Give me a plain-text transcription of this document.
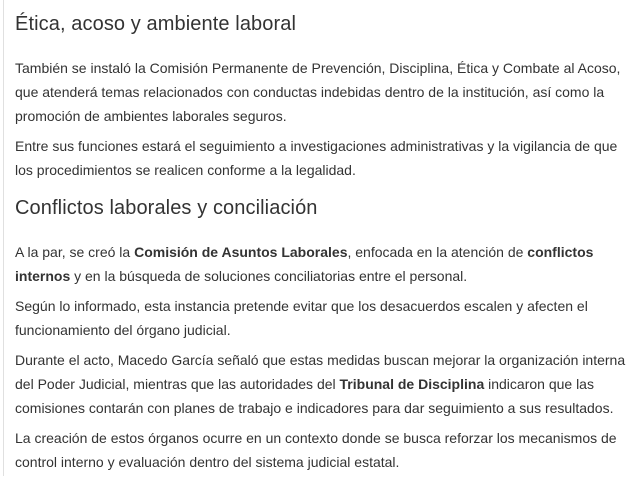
Ética, acoso y ambiente laboral

También se instaló la Comisión Permanente de Prevención, Disciplina, Ética y Combate al Acoso, que atenderá temas relacionados con conductas indebidas dentro de la institución, así como la promoción de ambientes laborales seguros.

Entre sus funciones estará el seguimiento a investigaciones administrativas y la vigilancia de que los procedimientos se realicen conforme a la legalidad.

Conflictos laborales y conciliación

A la par, se creó la Comisión de Asuntos Laborales, enfocada en la atención de conflictos internos y en la búsqueda de soluciones conciliatorias entre el personal.

Según lo informado, esta instancia pretende evitar que los desacuerdos escalen y afecten el funcionamiento del órgano judicial.

Durante el acto, Macedo García señaló que estas medidas buscan mejorar la organización interna del Poder Judicial, mientras que las autoridades del Tribunal de Disciplina indicaron que las comisiones contarán con planes de trabajo e indicadores para dar seguimiento a sus resultados.

La creación de estos órganos ocurre en un contexto donde se busca reforzar los mecanismos de control interno y evaluación dentro del sistema judicial estatal.
